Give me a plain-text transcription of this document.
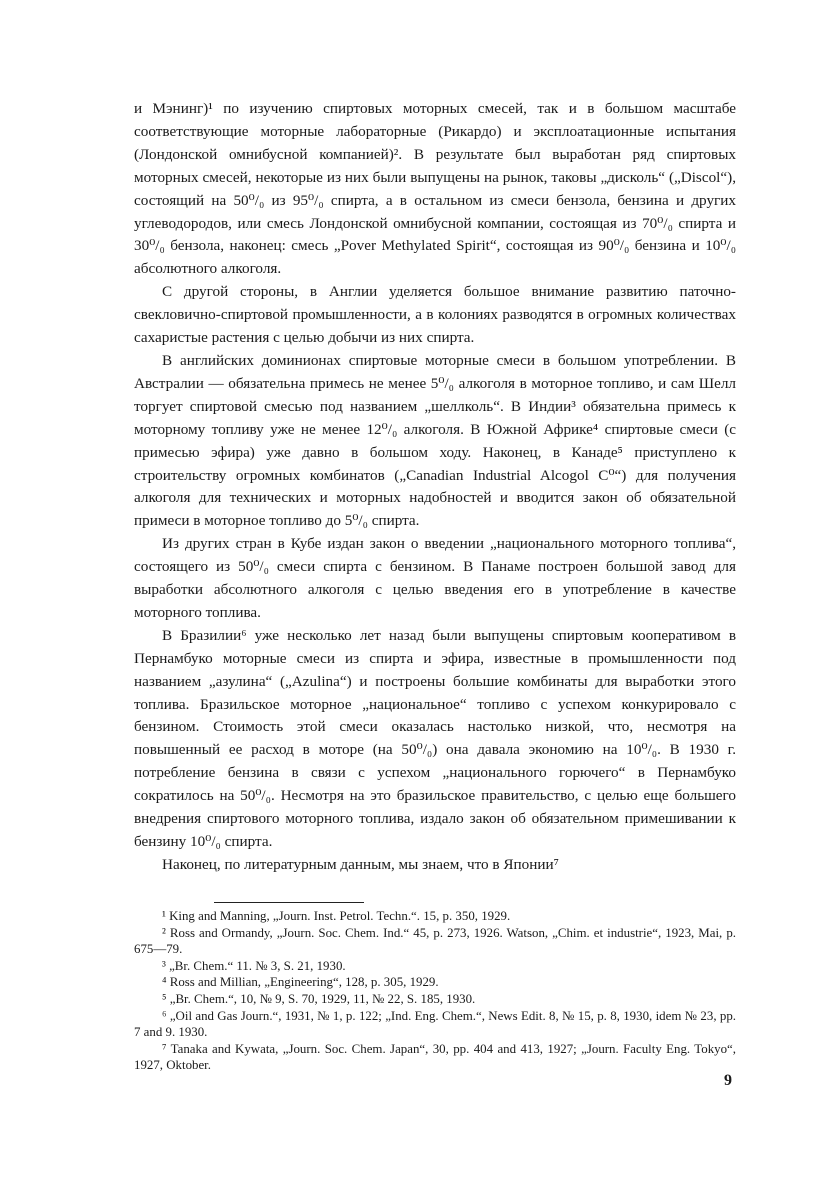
и Мэнинг)¹ по изучению спиртовых моторных смесей, так и в большом масштабе соответствующие моторные лабораторные (Рикардо) и эксплоатационные испытания (Лондонской омнибусной компанией)². В результате был выработан ряд спиртовых моторных смесей, некоторые из них были выпущены на рынок, таковы „дисколь“ („Discol“), состоящий на 50⁰/₀ из 95⁰/₀ спирта, а в остальном из смеси бензола, бензина и других углеводородов, или смесь Лондонской омнибусной компании, состоящая из 70⁰/₀ спирта и 30⁰/₀ бензола, наконец: смесь „Pover Methylated Spirit“, состоящая из 90⁰/₀ бензина и 10⁰/₀ абсолютного алкоголя.

С другой стороны, в Англии уделяется большое внимание развитию паточно-свекловично-спиртовой промышленности, а в колониях разводятся в огромных количествах сахаристые растения с целью добычи из них спирта.

В английских доминионах спиртовые моторные смеси в большом употреблении. В Австралии — обязательна примесь не менее 5⁰/₀ алкоголя в моторное топливо, и сам Шелл торгует спиртовой смесью под названием „шеллколь“. В Индии³ обязательна примесь к моторному топливу уже не менее 12⁰/₀ алкоголя. В Южной Африке⁴ спиртовые смеси (с примесью эфира) уже давно в большом ходу. Наконец, в Канаде⁵ приступлено к строительству огромных комбинатов („Canadian Industrial Alcogol C⁰“) для получения алкоголя для технических и моторных надобностей и вводится закон об обязательной примеси в моторное топливо до 5⁰/₀ спирта.

Из других стран в Кубе издан закон о введении „национального моторного топлива“, состоящего из 50⁰/₀ смеси спирта с бензином. В Панаме построен большой завод для выработки абсолютного алкоголя с целью введения его в употребление в качестве моторного топлива.

В Бразилии⁶ уже несколько лет назад были выпущены спиртовым кооперативом в Пернамбуко моторные смеси из спирта и эфира, известные в промышленности под названием „азулина“ („Azulina“) и построены большие комбинаты для выработки этого топлива. Бразильское моторное „национальное“ топливо с успехом конкурировало с бензином. Стоимость этой смеси оказалась настолько низкой, что, несмотря на повышенный ее расход в моторе (на 50⁰/₀) она давала экономию на 10⁰/₀. В 1930 г. потребление бензина в связи с успехом „национального горючего“ в Пернамбуко сократилось на 50⁰/₀. Несмотря на это бразильское правительство, с целью еще большего внедрения спиртового моторного топлива, издало закон об обязательном примешивании к бензину 10⁰/₀ спирта.

Наконец, по литературным данным, мы знаем, что в Японии⁷

¹ King and Manning, „Journ. Inst. Petrol. Techn.“. 15, p. 350, 1929.

² Ross and Ormandy, „Journ. Soc. Chem. Ind.“ 45, p. 273, 1926. Watson, „Chim. et industrie“, 1923, Mai, p. 675—79.

³ „Br. Chem.“ 11. № 3, S. 21, 1930.

⁴ Ross and Millian, „Engineering“, 128, p. 305, 1929.

⁵ „Br. Chem.“, 10, № 9, S. 70, 1929, 11, № 22, S. 185, 1930.

⁶ „Oil and Gas Journ.“, 1931, № 1, p. 122; „Ind. Eng. Chem.“, News Edit. 8, № 15, p. 8, 1930, idem № 23, pp. 7 and 9. 1930.

⁷ Tanaka and Kywata, „Journ. Soc. Chem. Japan“, 30, pp. 404 and 413, 1927; „Journ. Faculty Eng. Tokyo“, 1927, Oktober.

9
